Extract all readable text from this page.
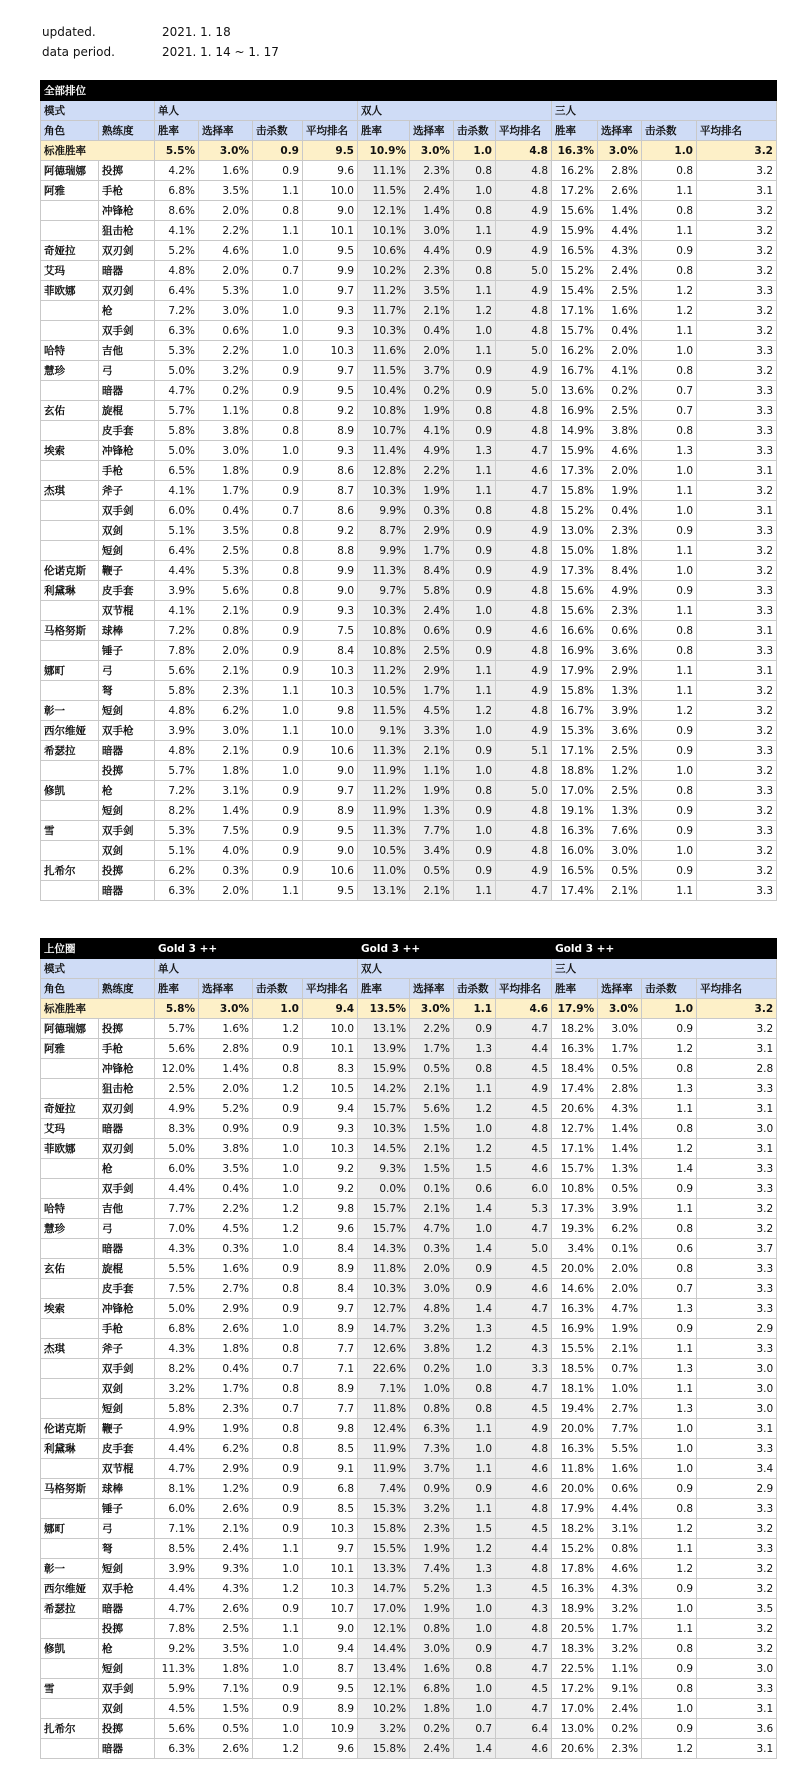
updated.	2021. 1. 18
data period.	2021. 1. 14 ~ 1. 17
全部排位													
模式		单人				双人				三人			
角色	熟练度	胜率	选择率	击杀数	平均排名	胜率	选择率	击杀数	平均排名	胜率	选择率	击杀数	平均排名
标准胜率		5.5%	3.0%	0.9	9.5	10.9%	3.0%	1.0	4.8	16.3%	3.0%	1.0	3.2
阿德瑞娜	投掷	4.2%	1.6%	0.9	9.6	11.1%	2.3%	0.8	4.8	16.2%	2.8%	0.8	3.2
阿雅	手枪	6.8%	3.5%	1.1	10.0	11.5%	2.4%	1.0	4.8	17.2%	2.6%	1.1	3.1
	冲锋枪	8.6%	2.0%	0.8	9.0	12.1%	1.4%	0.8	4.9	15.6%	1.4%	0.8	3.2
	狙击枪	4.1%	2.2%	1.1	10.1	10.1%	3.0%	1.1	4.9	15.9%	4.4%	1.1	3.2
奇娅拉	双刃剑	5.2%	4.6%	1.0	9.5	10.6%	4.4%	0.9	4.9	16.5%	4.3%	0.9	3.2
艾玛	暗器	4.8%	2.0%	0.7	9.9	10.2%	2.3%	0.8	5.0	15.2%	2.4%	0.8	3.2
菲欧娜	双刃剑	6.4%	5.3%	1.0	9.7	11.2%	3.5%	1.1	4.9	15.4%	2.5%	1.2	3.3
	枪	7.2%	3.0%	1.0	9.3	11.7%	2.1%	1.2	4.8	17.1%	1.6%	1.2	3.2
	双手剑	6.3%	0.6%	1.0	9.3	10.3%	0.4%	1.0	4.8	15.7%	0.4%	1.1	3.2
哈特	吉他	5.3%	2.2%	1.0	10.3	11.6%	2.0%	1.1	5.0	16.2%	2.0%	1.0	3.3
慧珍	弓	5.0%	3.2%	0.9	9.7	11.5%	3.7%	0.9	4.9	16.7%	4.1%	0.8	3.2
	暗器	4.7%	0.2%	0.9	9.5	10.4%	0.2%	0.9	5.0	13.6%	0.2%	0.7	3.3
玄佑	旋棍	5.7%	1.1%	0.8	9.2	10.8%	1.9%	0.8	4.8	16.9%	2.5%	0.7	3.3
	皮手套	5.8%	3.8%	0.8	8.9	10.7%	4.1%	0.9	4.8	14.9%	3.8%	0.8	3.3
埃索	冲锋枪	5.0%	3.0%	1.0	9.3	11.4%	4.9%	1.3	4.7	15.9%	4.6%	1.3	3.3
	手枪	6.5%	1.8%	0.9	8.6	12.8%	2.2%	1.1	4.6	17.3%	2.0%	1.0	3.1
杰琪	斧子	4.1%	1.7%	0.9	8.7	10.3%	1.9%	1.1	4.7	15.8%	1.9%	1.1	3.2
	双手剑	6.0%	0.4%	0.7	8.6	9.9%	0.3%	0.8	4.8	15.2%	0.4%	1.0	3.1
	双剑	5.1%	3.5%	0.8	9.2	8.7%	2.9%	0.9	4.9	13.0%	2.3%	0.9	3.3
	短剑	6.4%	2.5%	0.8	8.8	9.9%	1.7%	0.9	4.8	15.0%	1.8%	1.1	3.2
伦诺克斯	鞭子	4.4%	5.3%	0.8	9.9	11.3%	8.4%	0.9	4.9	17.3%	8.4%	1.0	3.2
利黛琳	皮手套	3.9%	5.6%	0.8	9.0	9.7%	5.8%	0.9	4.8	15.6%	4.9%	0.9	3.3
	双节棍	4.1%	2.1%	0.9	9.3	10.3%	2.4%	1.0	4.8	15.6%	2.3%	1.1	3.3
马格努斯	球棒	7.2%	0.8%	0.9	7.5	10.8%	0.6%	0.9	4.6	16.6%	0.6%	0.8	3.1
	锤子	7.8%	2.0%	0.9	8.4	10.8%	2.5%	0.9	4.8	16.9%	3.6%	0.8	3.3
娜町	弓	5.6%	2.1%	0.9	10.3	11.2%	2.9%	1.1	4.9	17.9%	2.9%	1.1	3.1
	弩	5.8%	2.3%	1.1	10.3	10.5%	1.7%	1.1	4.9	15.8%	1.3%	1.1	3.2
彰一	短剑	4.8%	6.2%	1.0	9.8	11.5%	4.5%	1.2	4.8	16.7%	3.9%	1.2	3.2
西尔维娅	双手枪	3.9%	3.0%	1.1	10.0	9.1%	3.3%	1.0	4.9	15.3%	3.6%	0.9	3.2
希瑟拉	暗器	4.8%	2.1%	0.9	10.6	11.3%	2.1%	0.9	5.1	17.1%	2.5%	0.9	3.3
	投掷	5.7%	1.8%	1.0	9.0	11.9%	1.1%	1.0	4.8	18.8%	1.2%	1.0	3.2
修凯	枪	7.2%	3.1%	0.9	9.7	11.2%	1.9%	0.8	5.0	17.0%	2.5%	0.8	3.3
	短剑	8.2%	1.4%	0.9	8.9	11.9%	1.3%	0.9	4.8	19.1%	1.3%	0.9	3.2
雪	双手剑	5.3%	7.5%	0.9	9.5	11.3%	7.7%	1.0	4.8	16.3%	7.6%	0.9	3.3
	双剑	5.1%	4.0%	0.9	9.0	10.5%	3.4%	0.9	4.8	16.0%	3.0%	1.0	3.2
扎希尔	投掷	6.2%	0.3%	0.9	10.6	11.0%	0.5%	0.9	4.9	16.5%	0.5%	0.9	3.2
	暗器	6.3%	2.0%	1.1	9.5	13.1%	2.1%	1.1	4.7	17.4%	2.1%	1.1	3.3
上位圈		Gold 3 ++				Gold 3 ++				Gold 3 ++			
模式		单人				双人				三人			
角色	熟练度	胜率	选择率	击杀数	平均排名	胜率	选择率	击杀数	平均排名	胜率	选择率	击杀数	平均排名
标准胜率		5.8%	3.0%	1.0	9.4	13.5%	3.0%	1.1	4.6	17.9%	3.0%	1.0	3.2
阿德瑞娜	投掷	5.7%	1.6%	1.2	10.0	13.1%	2.2%	0.9	4.7	18.2%	3.0%	0.9	3.2
阿雅	手枪	5.6%	2.8%	0.9	10.1	13.9%	1.7%	1.3	4.4	16.3%	1.7%	1.2	3.1
	冲锋枪	12.0%	1.4%	0.8	8.3	15.9%	0.5%	0.8	4.5	18.4%	0.5%	0.8	2.8
	狙击枪	2.5%	2.0%	1.2	10.5	14.2%	2.1%	1.1	4.9	17.4%	2.8%	1.3	3.3
奇娅拉	双刃剑	4.9%	5.2%	0.9	9.4	15.7%	5.6%	1.2	4.5	20.6%	4.3%	1.1	3.1
艾玛	暗器	8.3%	0.9%	0.9	9.3	10.3%	1.5%	1.0	4.8	12.7%	1.4%	0.8	3.0
菲欧娜	双刃剑	5.0%	3.8%	1.0	10.3	14.5%	2.1%	1.2	4.5	17.1%	1.4%	1.2	3.1
	枪	6.0%	3.5%	1.0	9.2	9.3%	1.5%	1.5	4.6	15.7%	1.3%	1.4	3.3
	双手剑	4.4%	0.4%	1.0	9.2	0.0%	0.1%	0.6	6.0	10.8%	0.5%	0.9	3.3
哈特	吉他	7.7%	2.2%	1.2	9.8	15.7%	2.1%	1.4	5.3	17.3%	3.9%	1.1	3.2
慧珍	弓	7.0%	4.5%	1.2	9.6	15.7%	4.7%	1.0	4.7	19.3%	6.2%	0.8	3.2
	暗器	4.3%	0.3%	1.0	8.4	14.3%	0.3%	1.4	5.0	3.4%	0.1%	0.6	3.7
玄佑	旋棍	5.5%	1.6%	0.9	8.9	11.8%	2.0%	0.9	4.5	20.0%	2.0%	0.8	3.3
	皮手套	7.5%	2.7%	0.8	8.4	10.3%	3.0%	0.9	4.6	14.6%	2.0%	0.7	3.3
埃索	冲锋枪	5.0%	2.9%	0.9	9.7	12.7%	4.8%	1.4	4.7	16.3%	4.7%	1.3	3.3
	手枪	6.8%	2.6%	1.0	8.9	14.7%	3.2%	1.3	4.5	16.9%	1.9%	0.9	2.9
杰琪	斧子	4.3%	1.8%	0.8	7.7	12.6%	3.8%	1.2	4.3	15.5%	2.1%	1.1	3.3
	双手剑	8.2%	0.4%	0.7	7.1	22.6%	0.2%	1.0	3.3	18.5%	0.7%	1.3	3.0
	双剑	3.2%	1.7%	0.8	8.9	7.1%	1.0%	0.8	4.7	18.1%	1.0%	1.1	3.0
	短剑	5.8%	2.3%	0.7	7.7	11.8%	0.8%	0.8	4.5	19.4%	2.7%	1.3	3.0
伦诺克斯	鞭子	4.9%	1.9%	0.8	9.8	12.4%	6.3%	1.1	4.9	20.0%	7.7%	1.0	3.1
利黛琳	皮手套	4.4%	6.2%	0.8	8.5	11.9%	7.3%	1.0	4.8	16.3%	5.5%	1.0	3.3
	双节棍	4.7%	2.9%	0.9	9.1	11.9%	3.7%	1.1	4.6	11.8%	1.6%	1.0	3.4
马格努斯	球棒	8.1%	1.2%	0.9	6.8	7.4%	0.9%	0.9	4.6	20.0%	0.6%	0.9	2.9
	锤子	6.0%	2.6%	0.9	8.5	15.3%	3.2%	1.1	4.8	17.9%	4.4%	0.8	3.3
娜町	弓	7.1%	2.1%	0.9	10.3	15.8%	2.3%	1.5	4.5	18.2%	3.1%	1.2	3.2
	弩	8.5%	2.4%	1.1	9.7	15.5%	1.9%	1.2	4.4	15.2%	0.8%	1.1	3.3
彰一	短剑	3.9%	9.3%	1.0	10.1	13.3%	7.4%	1.3	4.8	17.8%	4.6%	1.2	3.2
西尔维娅	双手枪	4.4%	4.3%	1.2	10.3	14.7%	5.2%	1.3	4.5	16.3%	4.3%	0.9	3.2
希瑟拉	暗器	4.7%	2.6%	0.9	10.7	17.0%	1.9%	1.0	4.3	18.9%	3.2%	1.0	3.5
	投掷	7.8%	2.5%	1.1	9.0	12.1%	0.8%	1.0	4.8	20.5%	1.7%	1.1	3.2
修凯	枪	9.2%	3.5%	1.0	9.4	14.4%	3.0%	0.9	4.7	18.3%	3.2%	0.8	3.2
	短剑	11.3%	1.8%	1.0	8.7	13.4%	1.6%	0.8	4.7	22.5%	1.1%	0.9	3.0
雪	双手剑	5.9%	7.1%	0.9	9.5	12.1%	6.8%	1.0	4.5	17.2%	9.1%	0.8	3.3
	双剑	4.5%	1.5%	0.9	8.9	10.2%	1.8%	1.0	4.7	17.0%	2.4%	1.0	3.1
扎希尔	投掷	5.6%	0.5%	1.0	10.9	3.2%	0.2%	0.7	6.4	13.0%	0.2%	0.9	3.6
	暗器	6.3%	2.6%	1.2	9.6	15.8%	2.4%	1.4	4.6	20.6%	2.3%	1.2	3.1
